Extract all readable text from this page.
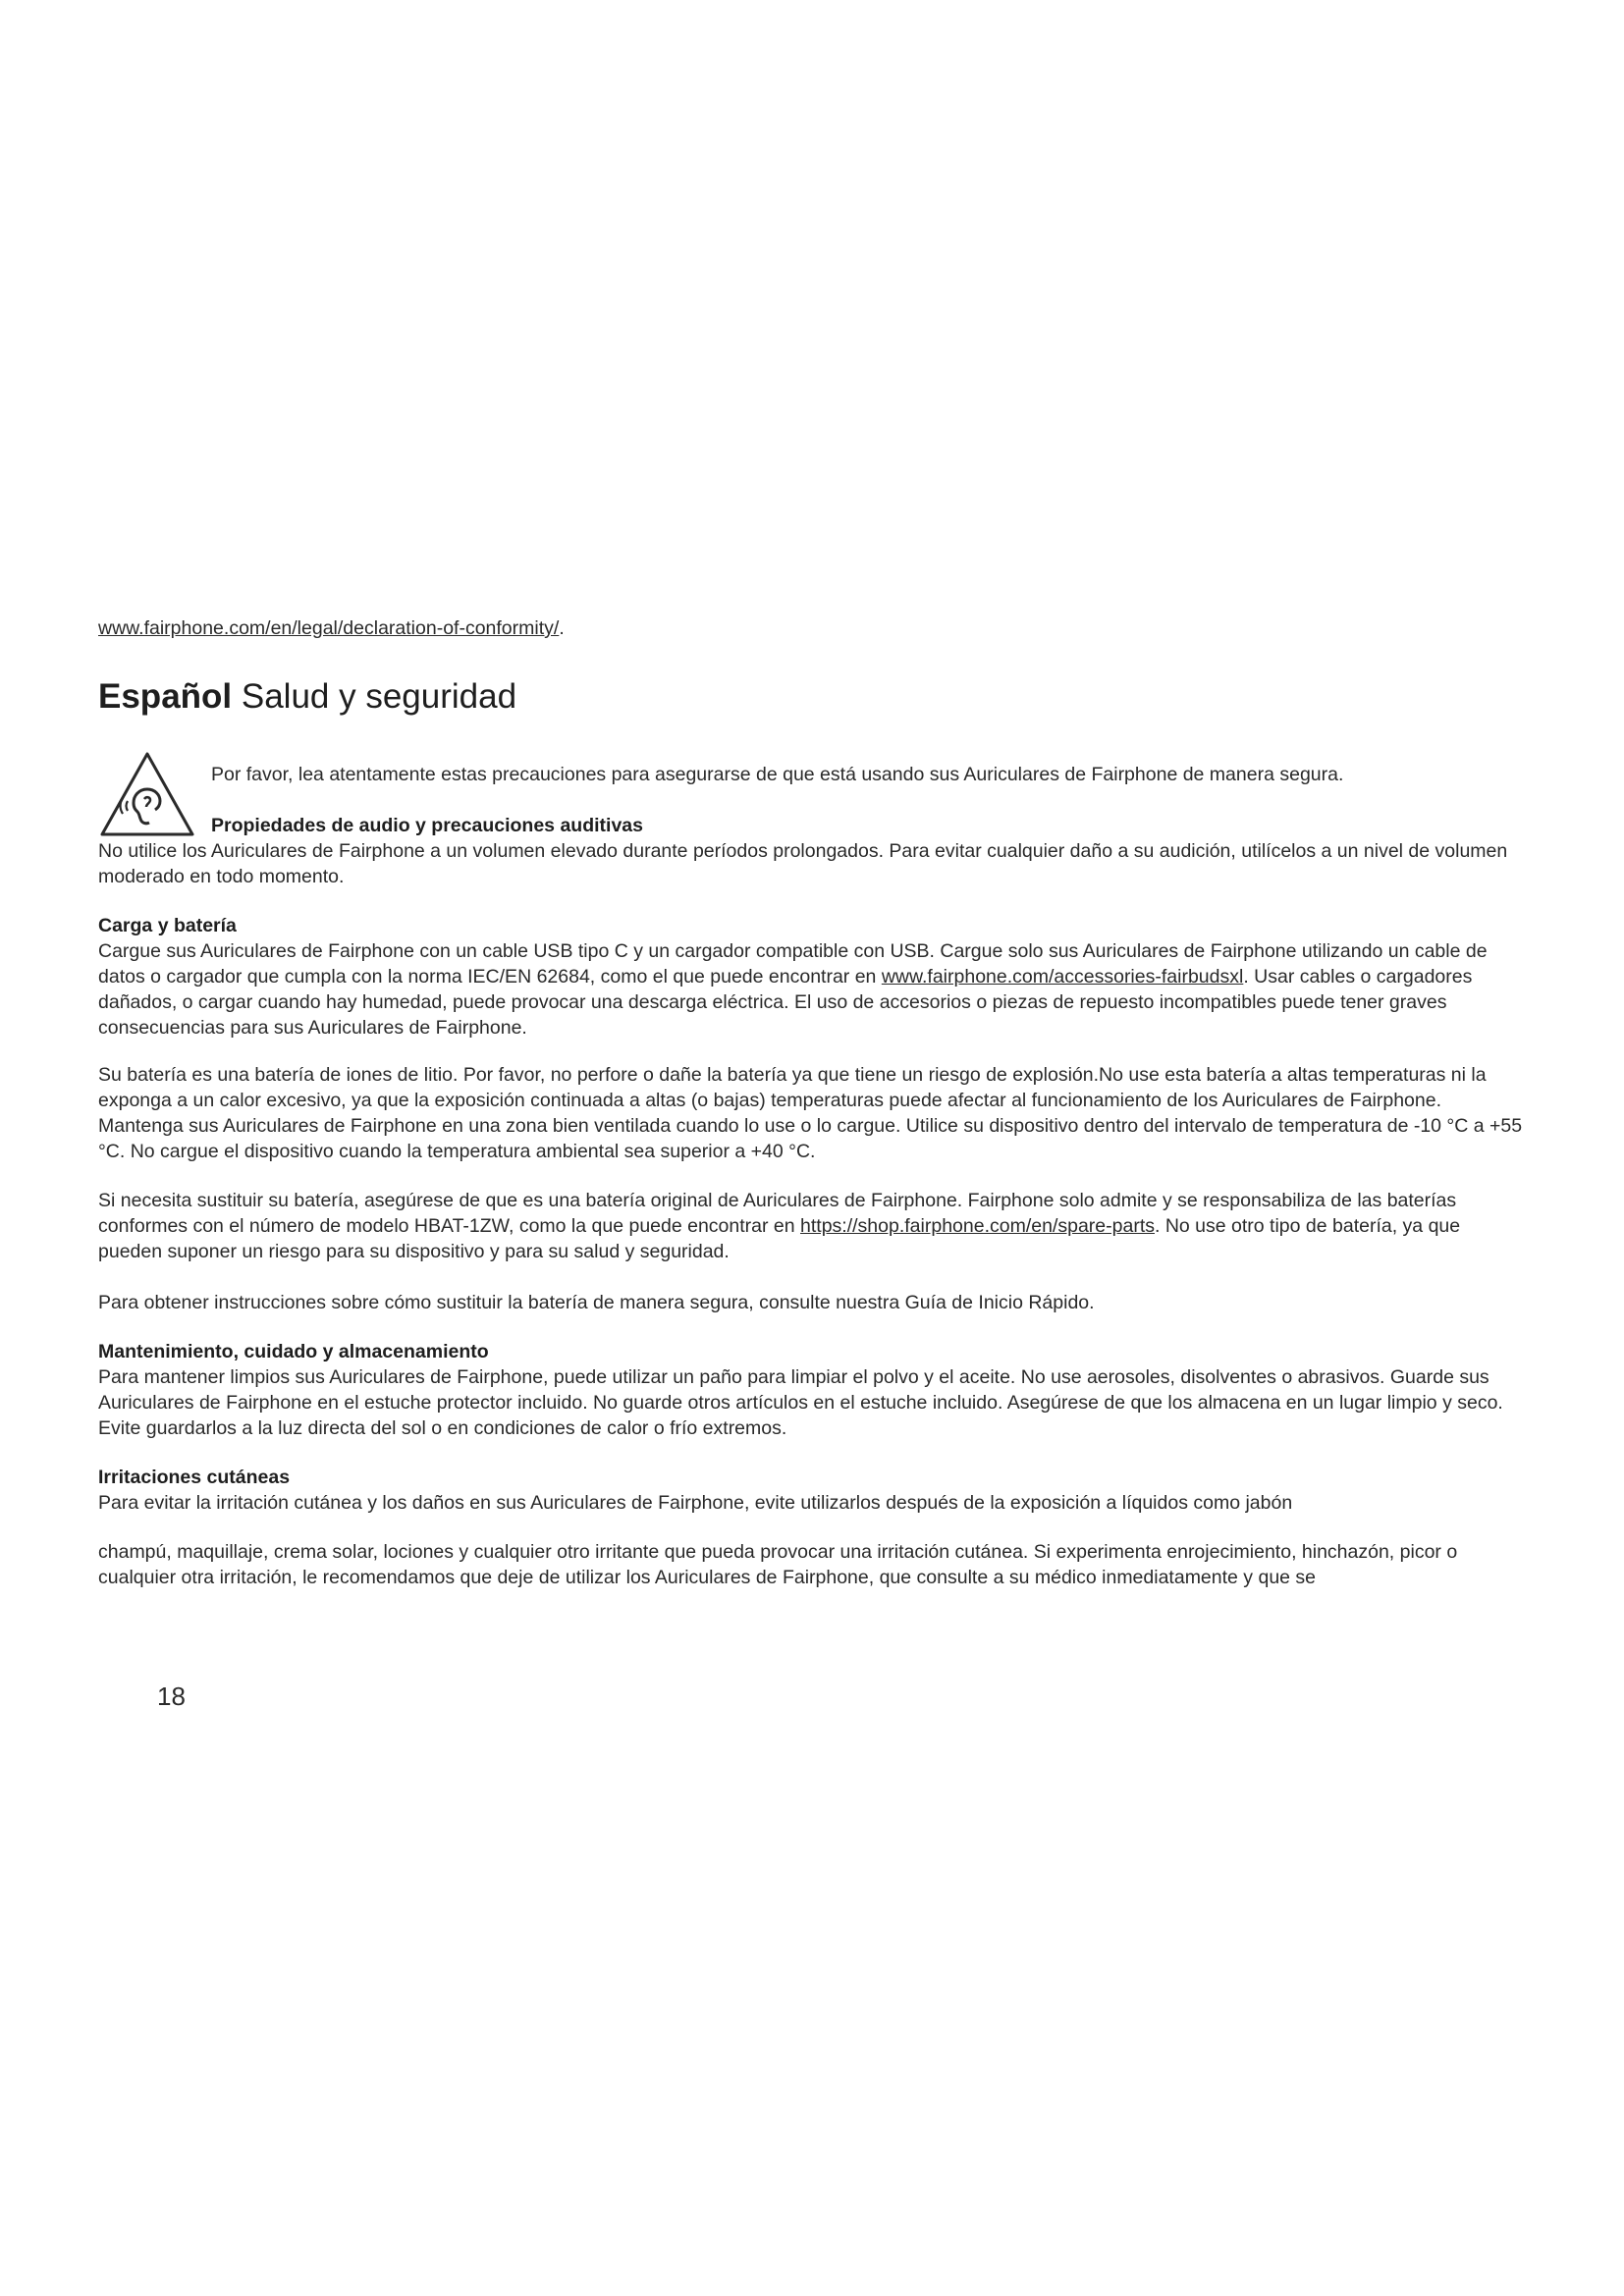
www.fairphone.com/en/legal/declaration-of-conformity/.
Español Salud y seguridad

Por favor, lea atentamente estas precauciones para asegurarse de que está usando sus Auriculares de Fairphone de manera segura.

Propiedades de audio y precauciones auditivas
No utilice los Auriculares de Fairphone a un volumen elevado durante períodos prolongados. Para evitar cualquier daño a su audición, utilícelos a un nivel de volumen moderado en todo momento.

Carga y batería
Cargue sus Auriculares de Fairphone con un cable USB tipo C y un cargador compatible con USB. Cargue solo sus Auriculares de Fairphone utilizando un cable de datos o cargador que cumpla con la norma IEC/EN 62684, como el que puede encontrar en www.fairphone.com/accessories-fairbudsxl. Usar cables o cargadores dañados, o cargar cuando hay humedad, puede provocar una descarga eléctrica. El uso de accesorios o piezas de repuesto incompatibles puede tener graves consecuencias para sus Auriculares de Fairphone.

Su batería es una batería de iones de litio. Por favor, no perfore o dañe la batería ya que tiene un riesgo de explosión.No use esta batería a altas temperaturas ni la exponga a un calor excesivo, ya que la exposición continuada a altas (o bajas) temperaturas puede afectar al funcionamiento de los Auriculares de Fairphone. Mantenga sus Auriculares de Fairphone en una zona bien ventilada cuando lo use o lo cargue. Utilice su dispositivo dentro del intervalo de temperatura de -10 °C a +55 °C. No cargue el dispositivo cuando la temperatura ambiental sea superior a +40 °C.

Si necesita sustituir su batería, asegúrese de que es una batería original de Auriculares de Fairphone. Fairphone solo admite y se responsabiliza de las baterías conformes con el número de modelo HBAT-1ZW, como la que puede encontrar en https://shop.fairphone.com/en/spare-parts. No use otro tipo de batería, ya que pueden suponer un riesgo para su dispositivo y para su salud y seguridad.

Para obtener instrucciones sobre cómo sustituir la batería de manera segura, consulte nuestra Guía de Inicio Rápido.

Mantenimiento, cuidado y almacenamiento
Para mantener limpios sus Auriculares de Fairphone, puede utilizar un paño para limpiar el polvo y el aceite. No use aerosoles, disolventes o abrasivos. Guarde sus Auriculares de Fairphone en el estuche protector incluido. No guarde otros artículos en el estuche incluido. Asegúrese de que los almacena en un lugar limpio y seco. Evite guardarlos a la luz directa del sol o en condiciones de calor o frío extremos.

Irritaciones cutáneas
Para evitar la irritación cutánea y los daños en sus Auriculares de Fairphone, evite utilizarlos después de la exposición a líquidos como jabón

champú, maquillaje, crema solar, lociones y cualquier otro irritante que pueda provocar una irritación cutánea. Si experimenta enrojecimiento, hinchazón, picor o cualquier otra irritación, le recomendamos que deje de utilizar los Auriculares de Fairphone, que consulte a su médico inmediatamente y que se

18
